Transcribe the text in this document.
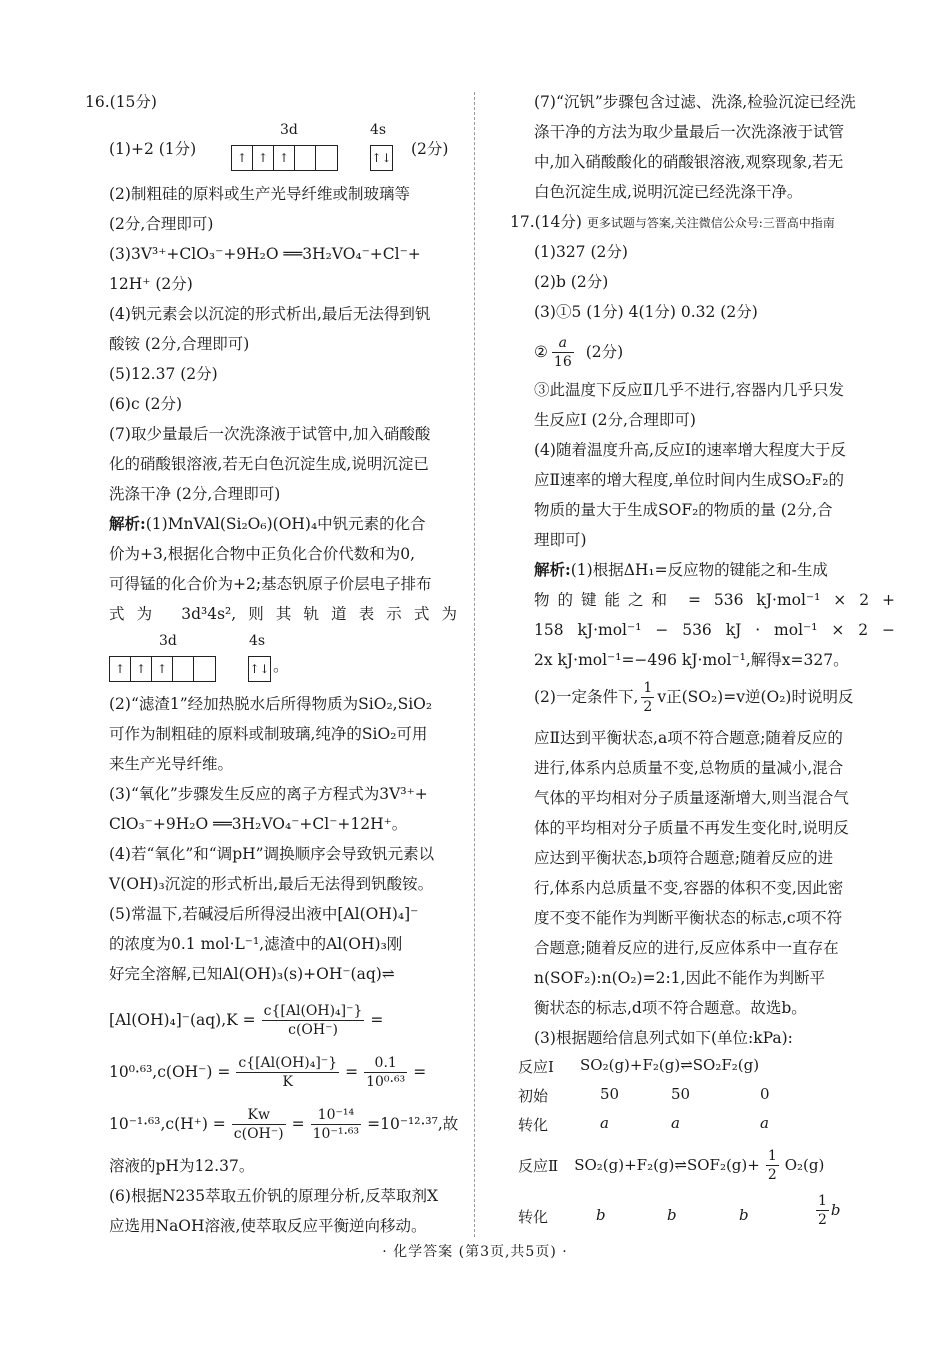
16.(15分)
(1)+2 (1分)
3d	4s
↑ ↑ ↑	↑↓ (2分)
(2)制粗硅的原料或生产光导纤维或制玻璃等
(2分,合理即可)
(3)3V³⁺+ClO₃⁻+9H₂O ══3H₂VO₄⁻+Cl⁻+
12H⁺ (2分)
(4)钒元素会以沉淀的形式析出,最后无法得到钒
酸铵 (2分,合理即可)
(5)12.37 (2分)
(6)c (2分)
(7)取少量最后一次洗涤液于试管中,加入硝酸酸
化的硝酸银溶液,若无白色沉淀生成,说明沉淀已
洗涤干净 (2分,合理即可)
解析:(1)MnVAl(Si₂O₆)(OH)₄中钒元素的化合
价为+3,根据化合物中正负化合价代数和为0,
可得锰的化合价为+2;基态钒原子价层电子排布
式为 3d³4s²,则其轨道表示式为
3d	4s
↑ ↑ ↑	↑↓ 。
(2)“滤渣1”经加热脱水后所得物质为SiO₂,SiO₂
可作为制粗硅的原料或制玻璃,纯净的SiO₂可用
来生产光导纤维。
(3)“氧化”步骤发生反应的离子方程式为3V³⁺+
ClO₃⁻+9H₂O ══3H₂VO₄⁻+Cl⁻+12H⁺。
(4)若“氧化”和“调pH”调换顺序会导致钒元素以
V(OH)₃沉淀的形式析出,最后无法得到钒酸铵。
(5)常温下,若碱浸后所得浸出液中[Al(OH)₄]⁻
的浓度为0.1 mol·L⁻¹,滤渣中的Al(OH)₃刚
好完全溶解,已知Al(OH)₃(s)+OH⁻(aq)⇌
$[Al(OH)_4]^-(aq),K = \frac{\text{c\{[Al(OH)₄]⁻\}}}{c(OH^-)}$ =
$10^0\cdot^{63},c(OH^-) = \frac{\text{c\{[Al(OH)₄]⁻\}}}{K} = \frac{0.1}{\text{10⁰·⁶³}}$ =
$10^{-1}\cdot^{63},c(H^+) = \frac{Kw}{c(OH^-)} = \frac{\text{10⁻¹⁴}}{\text{10⁻¹·⁶³}} =10^{-12}\cdot^{37}$,故
溶液的pH为12.37。
(6)根据N235萃取五价钒的原理分析,反萃取剂X
应选用NaOH溶液,使萃取反应平衡逆向移动。
(7)“沉钒”步骤包含过滤、洗涤,检验沉淀已经洗
涤干净的方法为取少量最后一次洗涤液于试管
中,加入硝酸酸化的硝酸银溶液,观察现象,若无
白色沉淀生成,说明沉淀已经洗涤干净。
17.(14分) 更多试题与答案,关注微信公众号:三晋高中指南
(1)327 (2分)
(2)b (2分)
(3)①5 (1分) 4(1分) 0.32 (2分)
② $\frac{a}{16} (2$分)
③此温度下反应Ⅱ几乎不进行,容器内几乎只发
生反应Ⅰ (2分,合理即可)
(4)随着温度升高,反应Ⅰ的速率增大程度大于反
应Ⅱ速率的增大程度,单位时间内生成SO₂F₂的
物质的量大于生成SOF₂的物质的量 (2分,合
理即可)
解析:(1)根据ΔH₁=反应物的键能之和-生成
物的键能之和 = 536 kJ·mol⁻¹ × 2 +
158 kJ·mol⁻¹ − 536 kJ · mol⁻¹ × 2 −
2x kJ·mol⁻¹=−496 kJ·mol⁻¹,解得x=327。
(2)一定条件下, $\frac{1}{2}$ v正(SO₂)=v逆(O₂)时说明反
应Ⅱ达到平衡状态,a项不符合题意;随着反应的
进行,体系内总质量不变,总物质的量减小,混合
气体的平均相对分子质量逐渐增大,则当混合气
体的平均相对分子质量不再发生变化时,说明反
应达到平衡状态,b项符合题意;随着反应的进
行,体系内总质量不变,容器的体积不变,因此密
度不变不能作为判断平衡状态的标志,c项不符
合题意;随着反应的进行,反应体系中一直存在
n(SOF₂):n(O₂)=2:1,因此不能作为判断平
衡状态的标志,d项不符合题意。故选b。
(3)根据题给信息列式如下(单位:kPa):
反应Ⅰ SO₂(g)+F₂(g)⇌SO₂F₂(g)
初始	50	50	0
转化	a	a	a
反应Ⅱ SO₂(g)+F₂(g)⇌SOF₂(g)+ $\frac{1}{2} O_2(g)$
转化	b	b	b	$\frac{1}{2}$ b
· 化学答案 (第3页,共5页) ·
